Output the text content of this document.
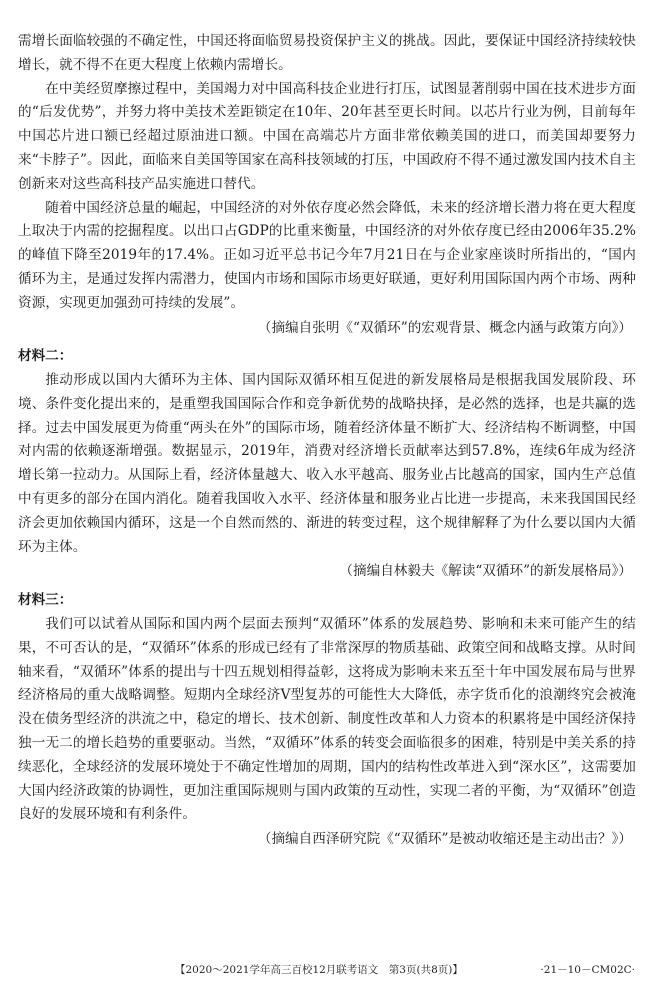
需增长面临较强的不确定性，中国还将面临贸易投资保护主义的挑战。因此，要保证中国经济持续较快增长，就不得不在更大程度上依赖内需增长。

在中美经贸摩擦过程中，美国竭力对中国高科技企业进行打压，试图显著削弱中国在技术进步方面的“后发优势”，并努力将中美技术差距锁定在10年、20年甚至更长时间。以芯片行业为例，目前每年中国芯片进口额已经超过原油进口额。中国在高端芯片方面非常依赖美国的进口，而美国却要努力来“卡脖子”。因此，面临来自美国等国家在高科技领域的打压，中国政府不得不通过激发国内技术自主创新来对这些高科技产品实施进口替代。

随着中国经济总量的崛起，中国经济的对外依存度必然会降低，未来的经济增长潜力将在更大程度上取决于内需的挖掘程度。以出口占GDP的比重来衡量，中国经济的对外依存度已经由2006年35.2%的峰值下降至2019年的17.4%。正如习近平总书记今年7月21日在与企业家座谈时所指出的，“国内循环为主，是通过发挥内需潜力，使国内市场和国际市场更好联通，更好利用国际国内两个市场、两种资源，实现更加强劲可持续的发展”。

（摘编自张明《“双循环”的宏观背景、概念内涵与政策方向》）

材料二：

推动形成以国内大循环为主体、国内国际双循环相互促进的新发展格局是根据我国发展阶段、环境、条件变化提出来的，是重塑我国国际合作和竞争新优势的战略抉择，是必然的选择，也是共赢的选择。过去中国发展更为倚重“两头在外”的国际市场，随着经济体量不断扩大、经济结构不断调整，中国对内需的依赖逐渐增强。数据显示，2019年，消费对经济增长贡献率达到57.8%，连续6年成为经济增长第一拉动力。从国际上看，经济体量越大、收入水平越高、服务业占比越高的国家，国内生产总值中有更多的部分在国内消化。随着我国收入水平、经济体量和服务业占比进一步提高，未来我国国民经济会更加依赖国内循环，这是一个自然而然的、渐进的转变过程，这个规律解释了为什么要以国内大循环为主体。

（摘编自林毅夫《解读“双循环”的新发展格局》）

材料三：

我们可以试着从国际和国内两个层面去预判“双循环”体系的发展趋势、影响和未来可能产生的结果，不可否认的是，“双循环”体系的形成已经有了非常深厚的物质基础、政策空间和战略支撑。从时间轴来看，“双循环”体系的提出与十四五规划相得益彰，这将成为影响未来五至十年中国发展布局与世界经济格局的重大战略调整。短期内全球经济V型复苏的可能性大大降低，赤字货币化的浪潮终究会被淹没在债务型经济的洪流之中，稳定的增长、技术创新、制度性改革和人力资本的积累将是中国经济保持独一无二的增长趋势的重要驱动。当然，“双循环”体系的转变会面临很多的困难，特别是中美关系的持续恶化，全球经济的发展环境处于不确定性增加的周期，国内的结构性改革进入到“深水区”，这需要加大国内经济政策的协调性，更加注重国际规则与国内政策的互动性，实现二者的平衡，为“双循环”创造良好的发展环境和有利条件。

（摘编自西泽研究院《“双循环”是被动收缩还是主动出击？》）

【2020～2021学年高三百校12月联考语文　第3页(共8页)】	·21－10－CM02C·
